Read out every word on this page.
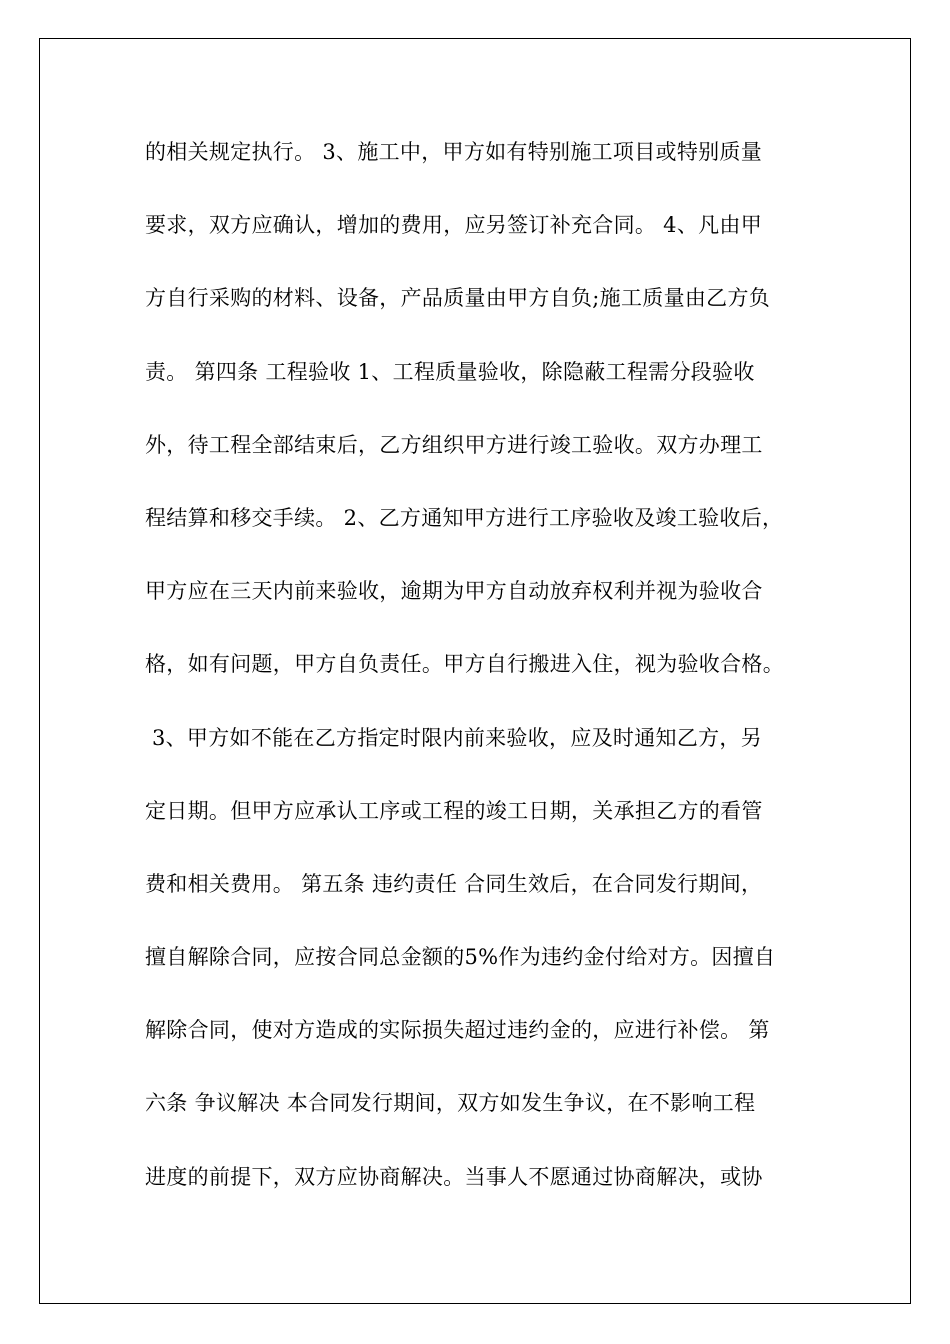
的相关规定执行。 3、施工中，甲方如有特别施工项目或特别质量
要求，双方应确认，增加的费用，应另签订补充合同。 4、凡由甲
方自行采购的材料、设备，产品质量由甲方自负;施工质量由乙方负
责。 第四条 工程验收 1、工程质量验收，除隐蔽工程需分段验收
外，待工程全部结束后，乙方组织甲方进行竣工验收。双方办理工
程结算和移交手续。 2、乙方通知甲方进行工序验收及竣工验收后，
甲方应在三天内前来验收，逾期为甲方自动放弃权利并视为验收合
格，如有问题，甲方自负责任。甲方自行搬进入住，视为验收合格。
3、甲方如不能在乙方指定时限内前来验收，应及时通知乙方，另
定日期。但甲方应承认工序或工程的竣工日期，关承担乙方的看管
费和相关费用。 第五条 违约责任 合同生效后，在合同发行期间，
擅自解除合同，应按合同总金额的5%作为违约金付给对方。因擅自
解除合同，使对方造成的实际损失超过违约金的，应进行补偿。 第
六条 争议解决 本合同发行期间，双方如发生争议，在不影响工程
进度的前提下，双方应协商解决。当事人不愿通过协商解决，或协
